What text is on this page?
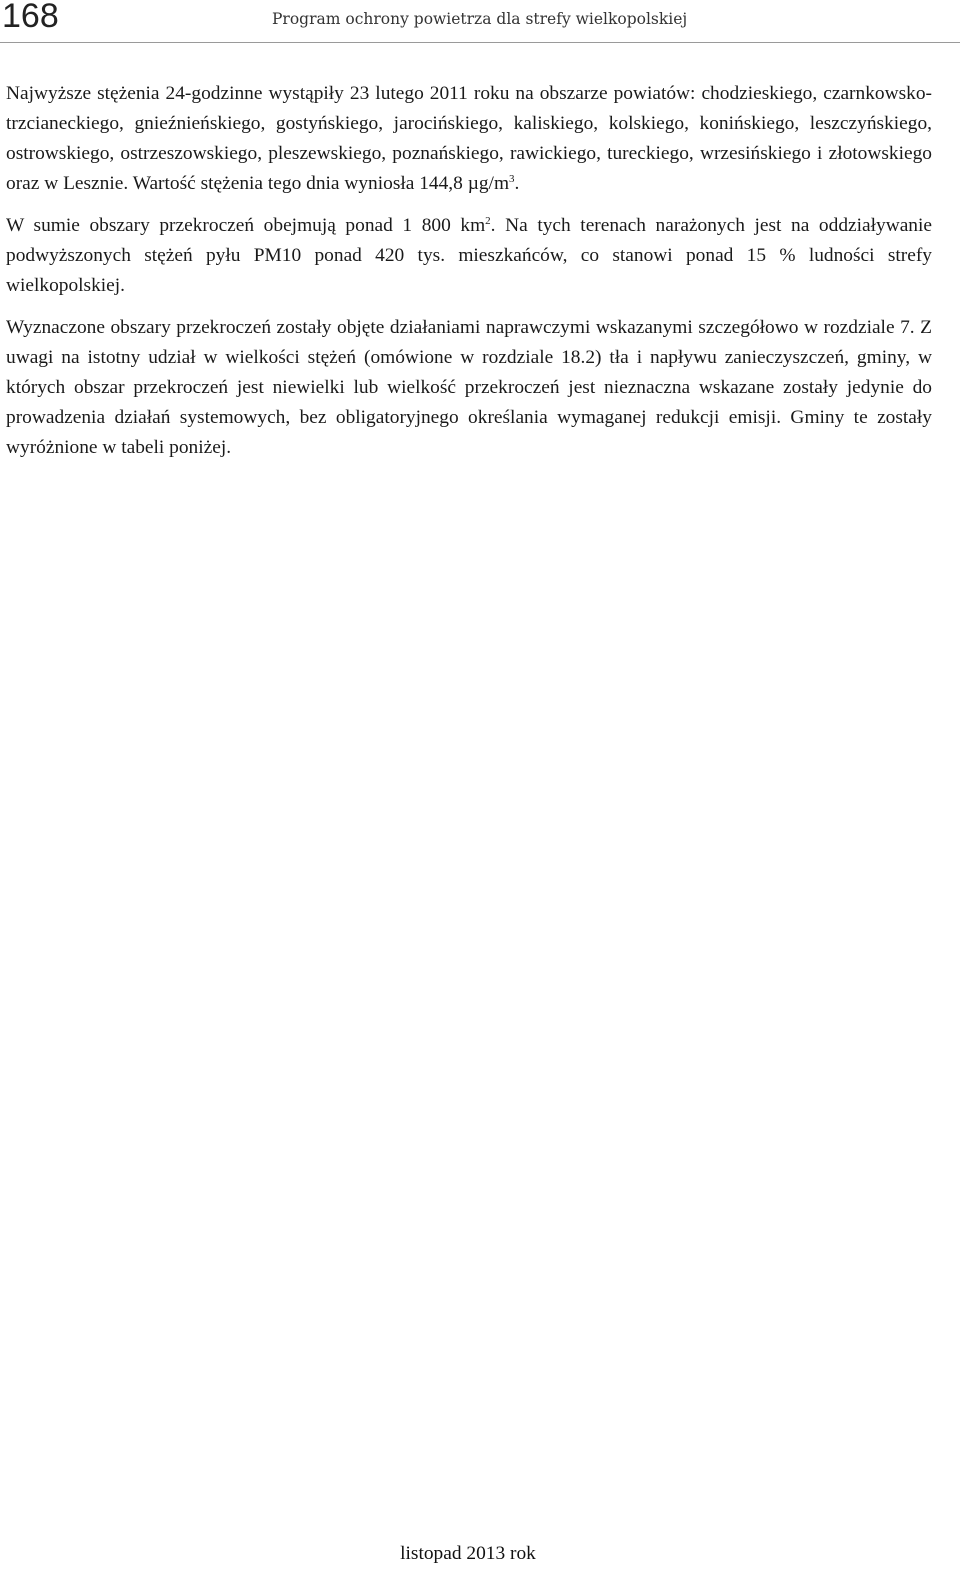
168	Program ochrony powietrza dla strefy wielkopolskiej

Najwyższe stężenia 24-godzinne wystąpiły 23 lutego 2011 roku na obszarze powiatów: chodzieskiego, czarnkowsko-trzcianeckiego, gnieźnieńskiego, gostyńskiego, jarocińskiego, kaliskiego, kolskiego, konińskiego, leszczyńskiego, ostrowskiego, ostrzeszowskiego, pleszewskiego, poznańskiego, rawickiego, tureckiego, wrzesińskiego i złotowskiego oraz w Lesznie. Wartość stężenia tego dnia wyniosła 144,8 $\mu g/m^3$.

W sumie obszary przekroczeń obejmują ponad 1 800 $km^2$. Na tych terenach narażonych jest na oddziaływanie podwyższonych stężeń pyłu PM10 ponad 420 tys. mieszkańców, co stanowi ponad 15 % ludności strefy wielkopolskiej.

Wyznaczone obszary przekroczeń zostały objęte działaniami naprawczymi wskazanymi szczegółowo w rozdziale 7. Z uwagi na istotny udział w wielkości stężeń (omówione w rozdziale 18.2) tła i napływu zanieczyszczeń, gminy, w których obszar przekroczeń jest niewielki lub wielkość przekroczeń jest nieznaczna wskazane zostały jedynie do prowadzenia działań systemowych, bez obligatoryjnego określania wymaganej redukcji emisji. Gminy te zostały wyróżnione w tabeli poniżej.

listopad 2013 rok
